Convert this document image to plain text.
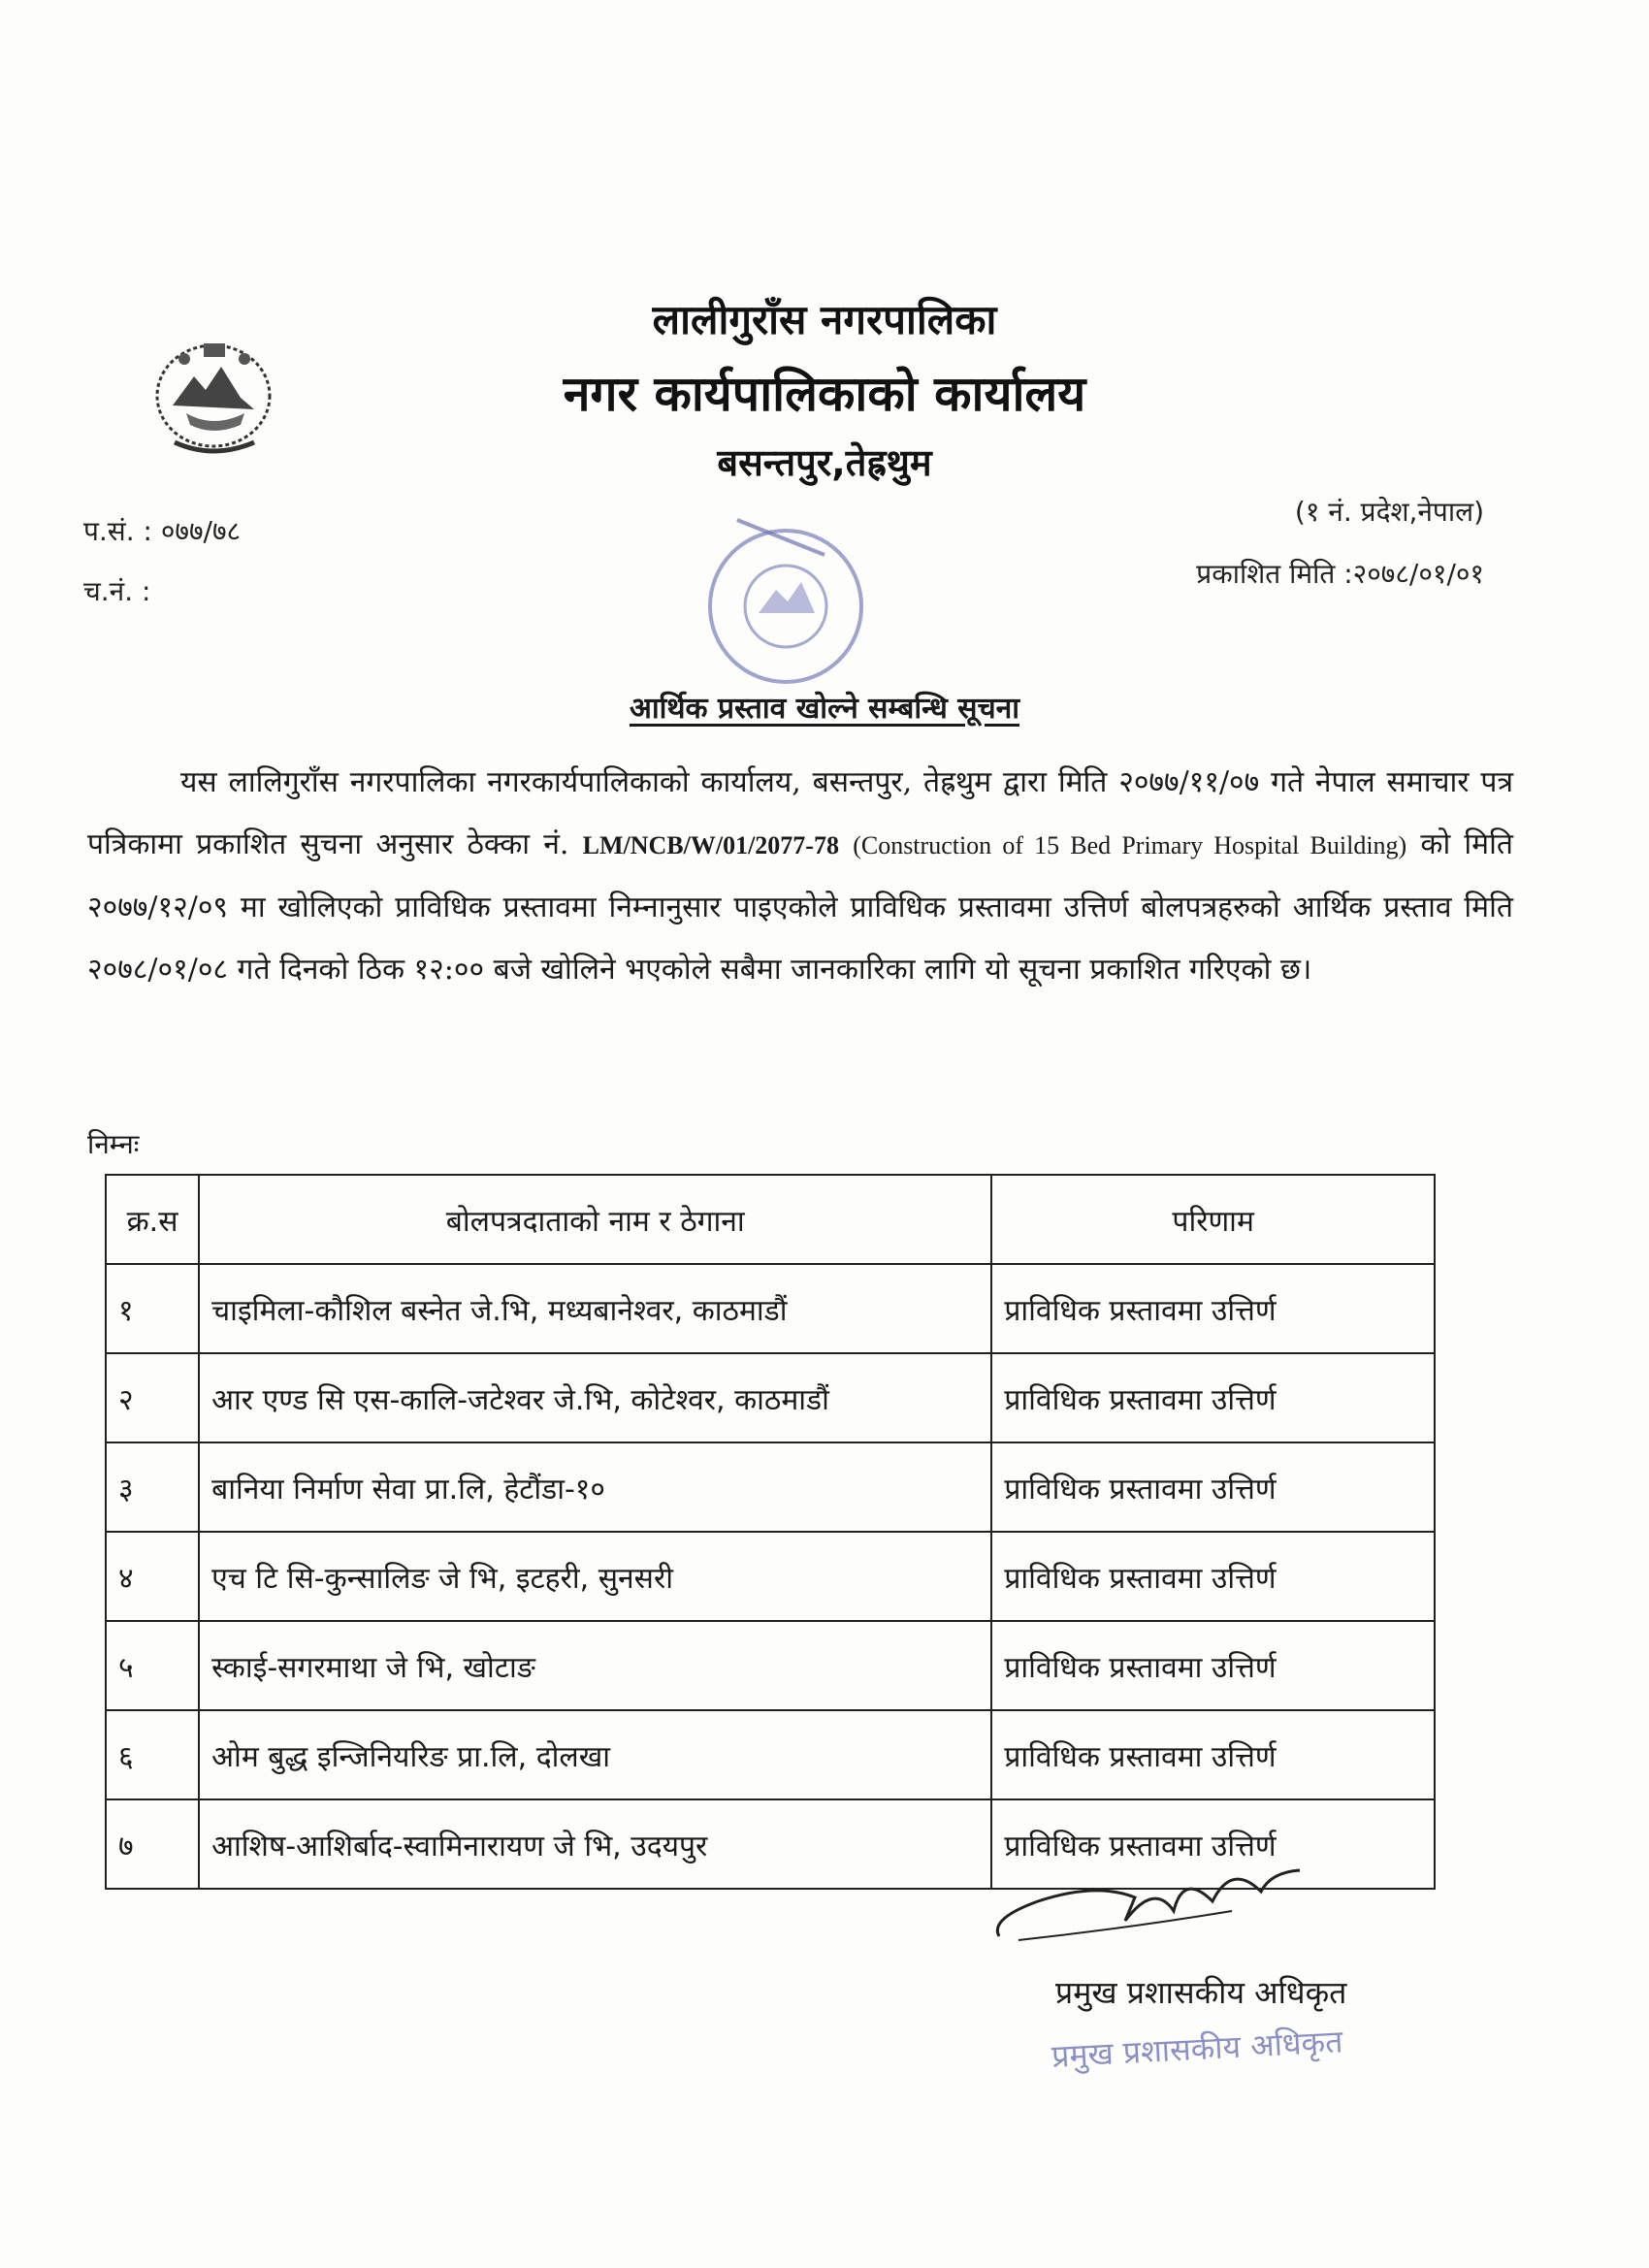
लालीगुराँस नगरपालिका
नगर कार्यपालिकाको कार्यालय
बसन्तपुर,तेह्रथुम
प.सं. : ०७७/७८
च.नं. :
(१ नं. प्रदेश,नेपाल)
प्रकाशित मिति :२०७८/०१/०१
आर्थिक प्रस्ताव खोल्ने सम्बन्धि सूचना
यस लालिगुराँस नगरपालिका नगरकार्यपालिकाको कार्यालय, बसन्तपुर, तेह्रथुम द्वारा मिति २०७७/११/०७ गते नेपाल समाचार पत्र पत्रिकामा प्रकाशित सुचना अनुसार ठेक्का नं. LM/NCB/W/01/2077-78 (Construction of 15 Bed Primary Hospital Building) को मिति २०७७/१२/०९ मा खोलिएको प्राविधिक प्रस्तावमा निम्नानुसार पाइएकोले प्राविधिक प्रस्तावमा उत्तिर्ण बोलपत्रहरुको आर्थिक प्रस्ताव मिति २०७८/०१/०८ गते दिनको ठिक १२:०० बजे खोलिने भएकोले सबैमा जानकारिका लागि यो सूचना प्रकाशित गरिएको छ।
निम्नः
क्र.स	बोलपत्रदाताको नाम र ठेगाना	परिणाम
१	चाइमिला-कौशिल बस्नेत जे.भि, मध्यबानेश्वर, काठमाडौं	प्राविधिक प्रस्तावमा उत्तिर्ण
२	आर एण्ड सि एस-कालि-जटेश्वर जे.भि, कोटेश्वर, काठमाडौं	प्राविधिक प्रस्तावमा उत्तिर्ण
३	बानिया निर्माण सेवा प्रा.लि, हेटौंडा-१०	प्राविधिक प्रस्तावमा उत्तिर्ण
४	एच टि सि-कुन्सालिङ जे भि, इटहरी, सुनसरी	प्राविधिक प्रस्तावमा उत्तिर्ण
५	स्काई-सगरमाथा जे भि, खोटाङ	प्राविधिक प्रस्तावमा उत्तिर्ण
६	ओम बुद्ध इन्जिनियरिङ प्रा.लि, दोलखा	प्राविधिक प्रस्तावमा उत्तिर्ण
७	आशिष-आशिर्बाद-स्वामिनारायण जे भि, उदयपुर	प्राविधिक प्रस्तावमा उत्तिर्ण
प्रमुख प्रशासकीय अधिकृत
प्रमुख प्रशासकीय अधिकृत
